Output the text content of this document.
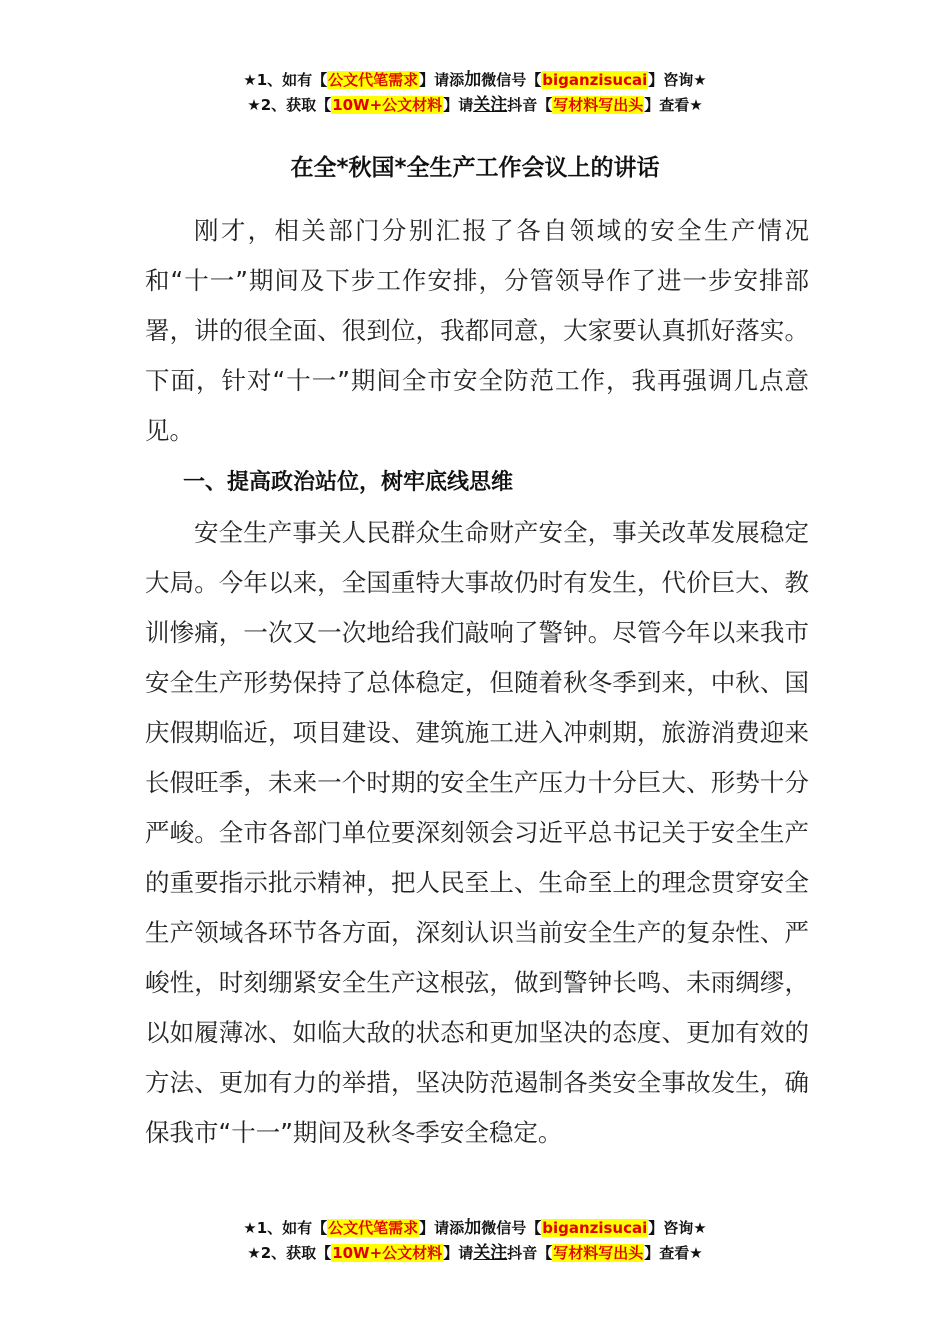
★1、如有【公文代笔需求】请添加微信号【biganzisucai】咨询★
★2、获取【10W+公文材料】请关注抖音【写材料写出头】查看★
在全*秋国*全生产工作会议上的讲话

刚才，相关部门分别汇报了各自领域的安全生产情况和“十一”期间及下步工作安排，分管领导作了进一步安排部署，讲的很全面、很到位，我都同意，大家要认真抓好落实。下面，针对“十一”期间全市安全防范工作，我再强调几点意见。

一、提高政治站位，树牢底线思维

安全生产事关人民群众生命财产安全，事关改革发展稳定大局。今年以来，全国重特大事故仍时有发生，代价巨大、教训惨痛，一次又一次地给我们敲响了警钟。尽管今年以来我市安全生产形势保持了总体稳定，但随着秋冬季到来，中秋、国庆假期临近，项目建设、建筑施工进入冲刺期，旅游消费迎来长假旺季，未来一个时期的安全生产压力十分巨大、形势十分严峻。全市各部门单位要深刻领会习近平总书记关于安全生产的重要指示批示精神，把人民至上、生命至上的理念贯穿安全生产领域各环节各方面，深刻认识当前安全生产的复杂性、严峻性，时刻绷紧安全生产这根弦，做到警钟长鸣、未雨绸缪，以如履薄冰、如临大敌的状态和更加坚决的态度、更加有效的方法、更加有力的举措，坚决防范遏制各类安全事故发生，确保我市“十一”期间及秋冬季安全稳定。

★1、如有【公文代笔需求】请添加微信号【biganzisucai】咨询★
★2、获取【10W+公文材料】请关注抖音【写材料写出头】查看★
